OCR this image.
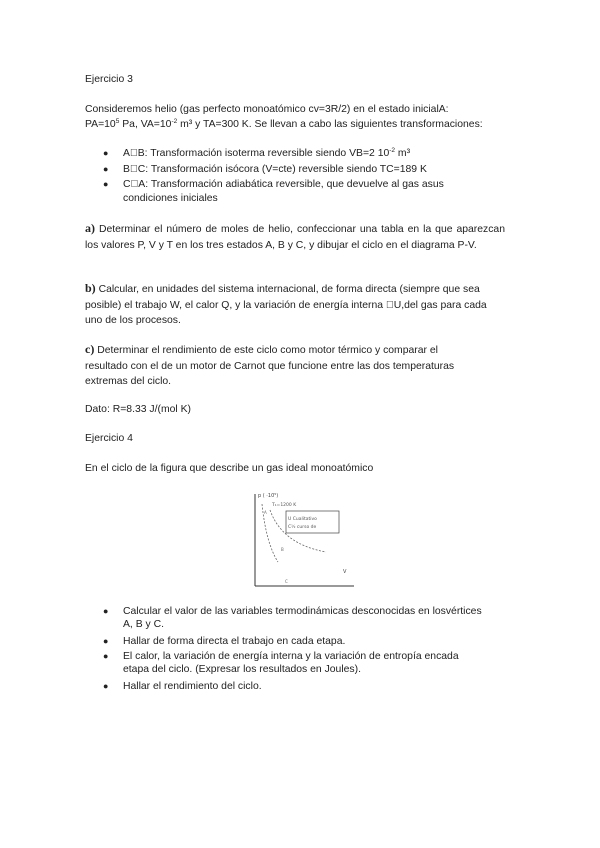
Ejercicio 3
Consideremos helio (gas perfecto monoatómico cv=3R/2) en el estado inicialA:
$PA=10^5$ Pa, $VA=10^{-2}$ m³ y TA=300 K. Se llevan a cabo las siguientes transformaciones:
● AB: Transformación isoterma reversible siendo VB=2 $10^{-2}$ m³
● BC: Transformación isócora (V=cte) reversible siendo TC=189 K
● CA: Transformación adiabática reversible, que devuelve al gas asus
condiciones iniciales
a) Determinar el número de moles de helio, confeccionar una tabla en la que aparezcan los valores P, V y T en los tres estados A, B y C, y dibujar el ciclo en el diagrama P-V.
b) Calcular, en unidades del sistema internacional, de forma directa (siempre que sea
posible) el trabajo W, el calor Q, y la variación de energía interna ⃞U,del gas para cada
uno de los procesos.
c) Determinar el rendimiento de este ciclo como motor térmico y comparar el
resultado con el de un motor de Carnot que funcione entre las dos temperaturas
extremas del ciclo.
Dato: R=8.33 J/(mol K)
Ejercicio 4
En el ciclo de la figura que describe un gas ideal monoatómico
p ( ·10⁵)
T₁=1200 K
U Cualitativo
C½ curso de
A
B
C
V
● Calcular el valor de las variables termodinámicas desconocidas en losvértices
A, B y C.
● Hallar de forma directa el trabajo en cada etapa.
● El calor, la variación de energía interna y la variación de entropía encada
etapa del ciclo. (Expresar los resultados en Joules).
● Hallar el rendimiento del ciclo.
